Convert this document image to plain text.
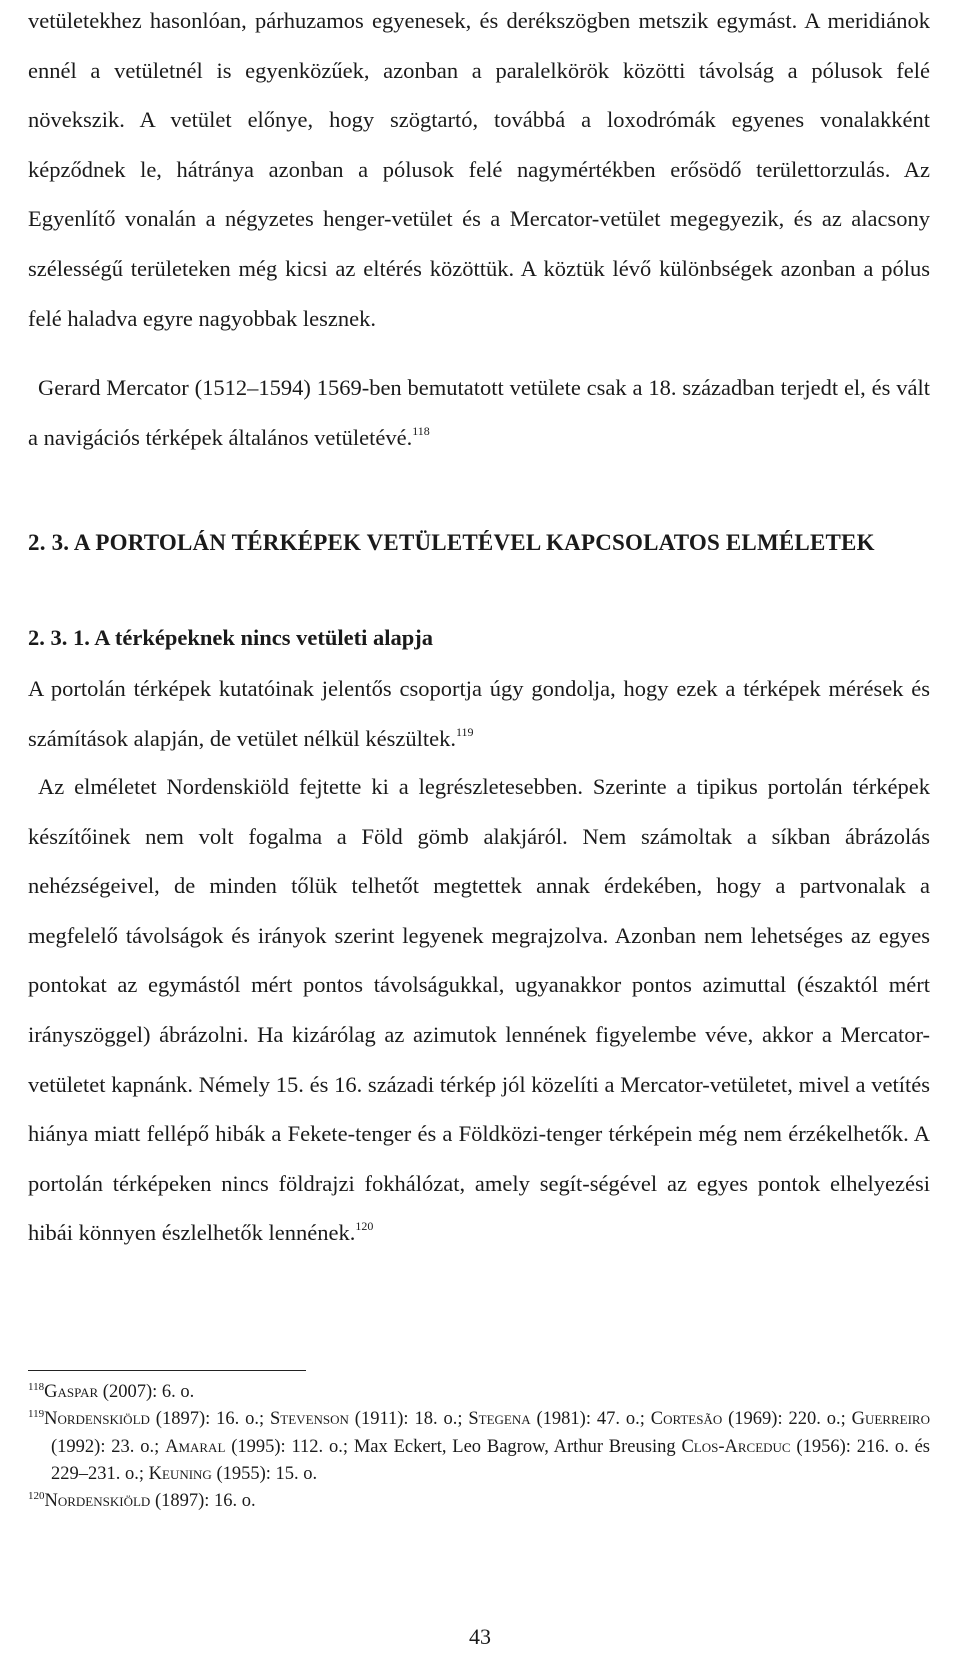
vetületekhez hasonlóan, párhuzamos egyenesek, és derékszögben metszik egymást. A meridiánok ennél a vetületnél is egyenközűek, azonban a paralelkörök közötti távolság a pólusok felé növekszik. A vetület előnye, hogy szögtartó, továbbá a loxodrómák egyenes vonalakként képződnek le, hátránya azonban a pólusok felé nagymértékben erősödő területtorzulás. Az Egyenlítő vonalán a négyzetes henger-vetület és a Mercator-vetület megegyezik, és az alacsony szélességű területeken még kicsi az eltérés közöttük. A köztük lévő különbségek azonban a pólus felé haladva egyre nagyobbak lesznek.

Gerard Mercator (1512–1594) 1569-ben bemutatott vetülete csak a 18. században terjedt el, és vált a navigációs térképek általános vetületévé.$^{118}$

2. 3. A PORTOLÁN TÉRKÉPEK VETÜLETÉVEL KAPCSOLATOS ELMÉLETEK
2. 3. 1. A térképeknek nincs vetületi alapja

A portolán térképek kutatóinak jelentős csoportja úgy gondolja, hogy ezek a térképek mérések és számítások alapján, de vetület nélkül készültek.$^{119}$

Az elméletet Nordenskiöld fejtette ki a legrészletesebben. Szerinte a tipikus portolán térképek készítőinek nem volt fogalma a Föld gömb alakjáról. Nem számoltak a síkban ábrázolás nehézségeivel, de minden tőlük telhetőt megtettek annak érdekében, hogy a partvonalak a megfelelő távolságok és irányok szerint legyenek megrajzolva. Azonban nem lehetséges az egyes pontokat az egymástól mért pontos távolságukkal, ugyanakkor pontos azimuttal (északtól mért irányszöggel) ábrázolni. Ha kizárólag az azimutok lennének figyelembe véve, akkor a Mercator-vetületet kapnánk. Némely 15. és 16. századi térkép jól közelíti a Mercator-vetületet, mivel a vetítés hiánya miatt fellépő hibák a Fekete-tenger és a Földközi-tenger térképein még nem érzékelhetők. A portolán térképeken nincs földrajzi fokhálózat, amely segít-ségével az egyes pontok elhelyezési hibái könnyen észlelhetők lennének.$^{120}$

$^{118}$Gaspar (2007): 6. o.

$^{119}$Nordenskiöld (1897): 16. o.; Stevenson (1911): 18. o.; Stegena (1981): 47. o.; Cortesão (1969): 220. o.; Guerreiro (1992): 23. o.; Amaral (1995): 112. o.; Max Eckert, Leo Bagrow, Arthur Breusing Clos-Arceduc (1956): 216. o. és 229–231. o.; Keuning (1955): 15. o.

$^{120}$Nordenskiöld (1897): 16. o.

43
